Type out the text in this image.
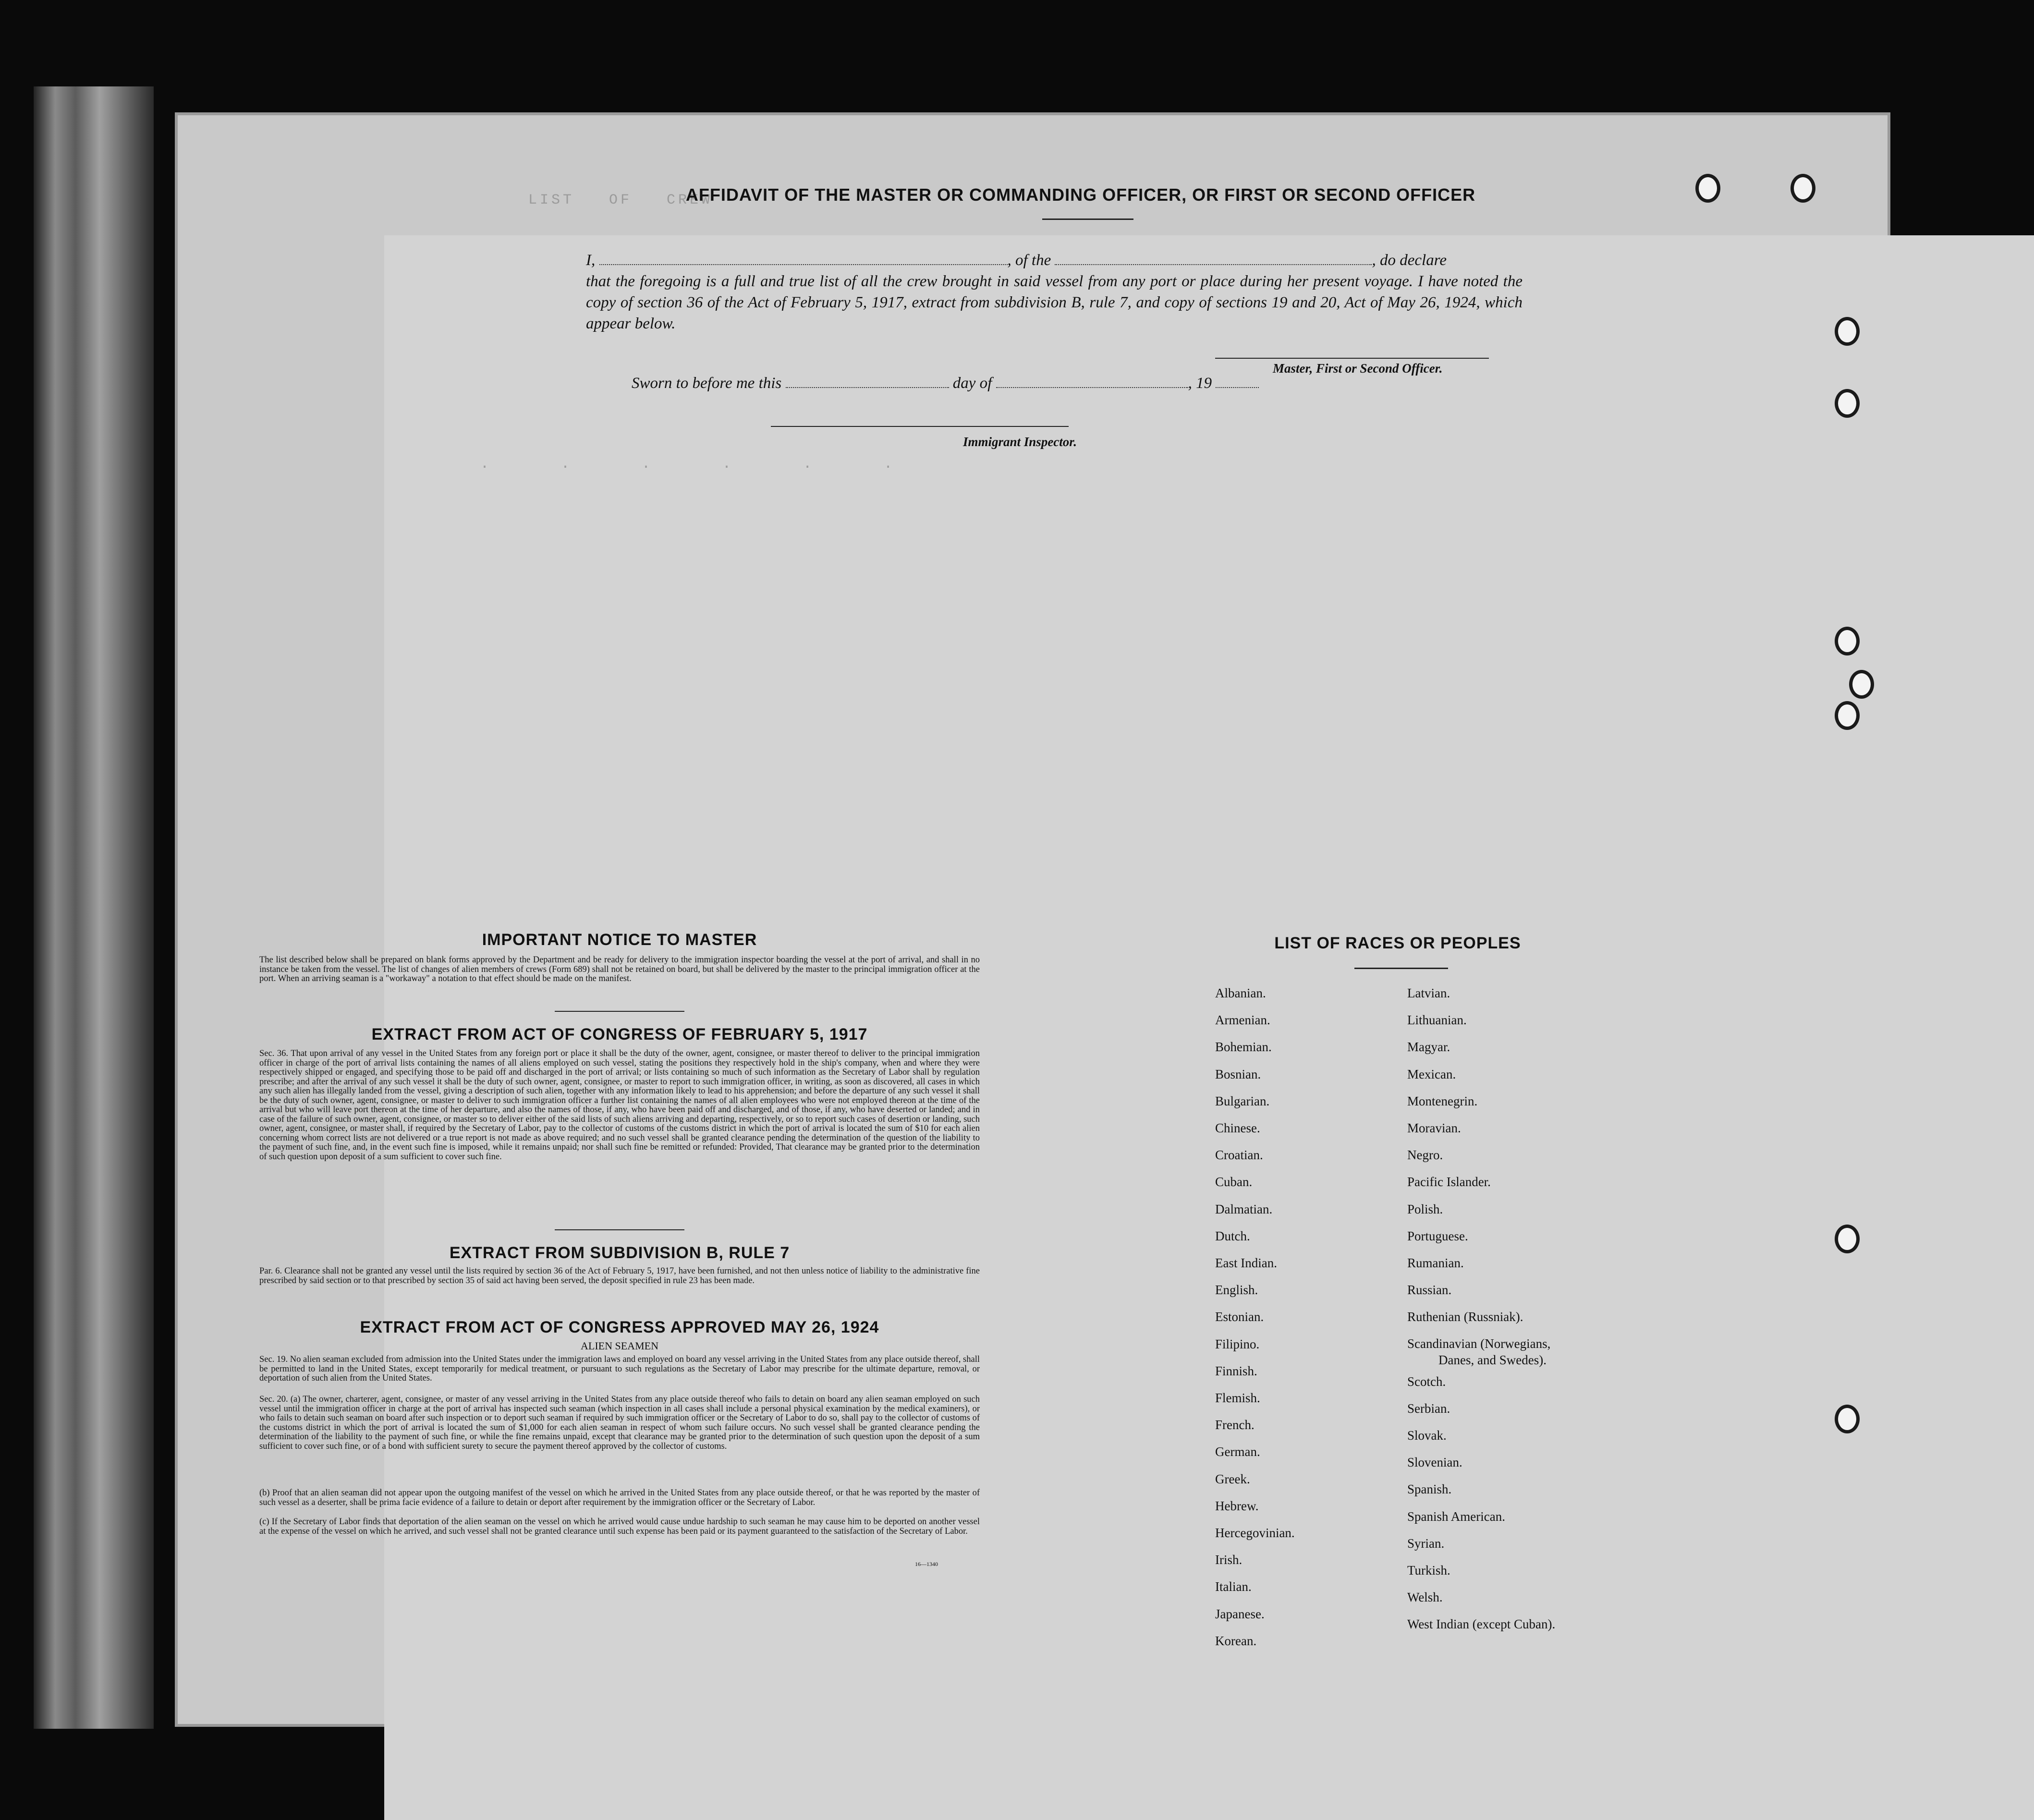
LIST   OF   CREW
.      .      .      .      .      .
AFFIDAVIT OF THE MASTER OR COMMANDING OFFICER, OR FIRST OR SECOND OFFICER
I,	, of the	, do declare
that the foregoing is a full and true list of all the crew brought in said vessel from any port or place during her present voyage. I have noted the copy of section 36 of the Act of February 5, 1917, extract from subdivision B, rule 7, and copy of sections 19 and 20, Act of May 26, 1924, which appear below.
Master, First or Second Officer.
Sworn to before me this	day of	, 19
Immigrant Inspector.
IMPORTANT NOTICE TO MASTER
The list described below shall be prepared on blank forms approved by the Department and be ready for delivery to the immigration inspector boarding the vessel at the port of arrival, and shall in no instance be taken from the vessel. The list of changes of alien members of crews (Form 689) shall not be retained on board, but shall be delivered by the master to the principal immigration officer at the port. When an arriving seaman is a "workaway" a notation to that effect should be made on the manifest.
EXTRACT FROM ACT OF CONGRESS OF FEBRUARY 5, 1917
Sec. 36. That upon arrival of any vessel in the United States from any foreign port or place it shall be the duty of the owner, agent, consignee, or master thereof to deliver to the principal immigration officer in charge of the port of arrival lists containing the names of all aliens employed on such vessel, stating the positions they respectively hold in the ship's company, when and where they were respectively shipped or engaged, and specifying those to be paid off and discharged in the port of arrival; or lists containing so much of such information as the Secretary of Labor shall by regulation prescribe; and after the arrival of any such vessel it shall be the duty of such owner, agent, consignee, or master to report to such immigration officer, in writing, as soon as discovered, all cases in which any such alien has illegally landed from the vessel, giving a description of such alien, together with any information likely to lead to his apprehension; and before the departure of any such vessel it shall be the duty of such owner, agent, consignee, or master to deliver to such immigration officer a further list containing the names of all alien employees who were not employed thereon at the time of the arrival but who will leave port thereon at the time of her departure, and also the names of those, if any, who have been paid off and discharged, and of those, if any, who have deserted or landed; and in case of the failure of such owner, agent, consignee, or master so to deliver either of the said lists of such aliens arriving and departing, respectively, or so to report such cases of desertion or landing, such owner, agent, consignee, or master shall, if required by the Secretary of Labor, pay to the collector of customs of the customs district in which the port of arrival is located the sum of $10 for each alien concerning whom correct lists are not delivered or a true report is not made as above required; and no such vessel shall be granted clearance pending the determination of the question of the liability to the payment of such fine, and, in the event such fine is imposed, while it remains unpaid; nor shall such fine be remitted or refunded: Provided, That clearance may be granted prior to the determination of such question upon deposit of a sum sufficient to cover such fine.
EXTRACT FROM SUBDIVISION B, RULE 7
Par. 6. Clearance shall not be granted any vessel until the lists required by section 36 of the Act of February 5, 1917, have been furnished, and not then unless notice of liability to the administrative fine prescribed by said section or to that prescribed by section 35 of said act having been served, the deposit specified in rule 23 has been made.
EXTRACT FROM ACT OF CONGRESS APPROVED MAY 26, 1924
ALIEN SEAMEN
Sec. 19. No alien seaman excluded from admission into the United States under the immigration laws and employed on board any vessel arriving in the United States from any place outside thereof, shall be permitted to land in the United States, except temporarily for medical treatment, or pursuant to such regulations as the Secretary of Labor may prescribe for the ultimate departure, removal, or deportation of such alien from the United States.
Sec. 20. (a) The owner, charterer, agent, consignee, or master of any vessel arriving in the United States from any place outside thereof who fails to detain on board any alien seaman employed on such vessel until the immigration officer in charge at the port of arrival has inspected such seaman (which inspection in all cases shall include a personal physical examination by the medical examiners), or who fails to detain such seaman on board after such inspection or to deport such seaman if required by such immigration officer or the Secretary of Labor to do so, shall pay to the collector of customs of the customs district in which the port of arrival is located the sum of $1,000 for each alien seaman in respect of whom such failure occurs. No such vessel shall be granted clearance pending the determination of the liability to the payment of such fine, or while the fine remains unpaid, except that clearance may be granted prior to the determination of such question upon the deposit of a sum sufficient to cover such fine, or of a bond with sufficient surety to secure the payment thereof approved by the collector of customs.
(b) Proof that an alien seaman did not appear upon the outgoing manifest of the vessel on which he arrived in the United States from any place outside thereof, or that he was reported by the master of such vessel as a deserter, shall be prima facie evidence of a failure to detain or deport after requirement by the immigration officer or the Secretary of Labor.
(c) If the Secretary of Labor finds that deportation of the alien seaman on the vessel on which he arrived would cause undue hardship to such seaman he may cause him to be deported on another vessel at the expense of the vessel on which he arrived, and such vessel shall not be granted clearance until such expense has been paid or its payment guaranteed to the satisfaction of the Secretary of Labor.
16—1340
LIST OF RACES OR PEOPLES
Albanian.
Armenian.
Bohemian.
Bosnian.
Bulgarian.
Chinese.
Croatian.
Cuban.
Dalmatian.
Dutch.
East Indian.
English.
Estonian.
Filipino.
Finnish.
Flemish.
French.
German.
Greek.
Hebrew.
Hercegovinian.
Irish.
Italian.
Japanese.
Korean.
Latvian.
Lithuanian.
Magyar.
Mexican.
Montenegrin.
Moravian.
Negro.
Pacific Islander.
Polish.
Portuguese.
Rumanian.
Russian.
Ruthenian (Russniak).
Scandinavian (Norwegians,
Danes, and Swedes).
Scotch.
Serbian.
Slovak.
Slovenian.
Spanish.
Spanish American.
Syrian.
Turkish.
Welsh.
West Indian (except Cuban).
